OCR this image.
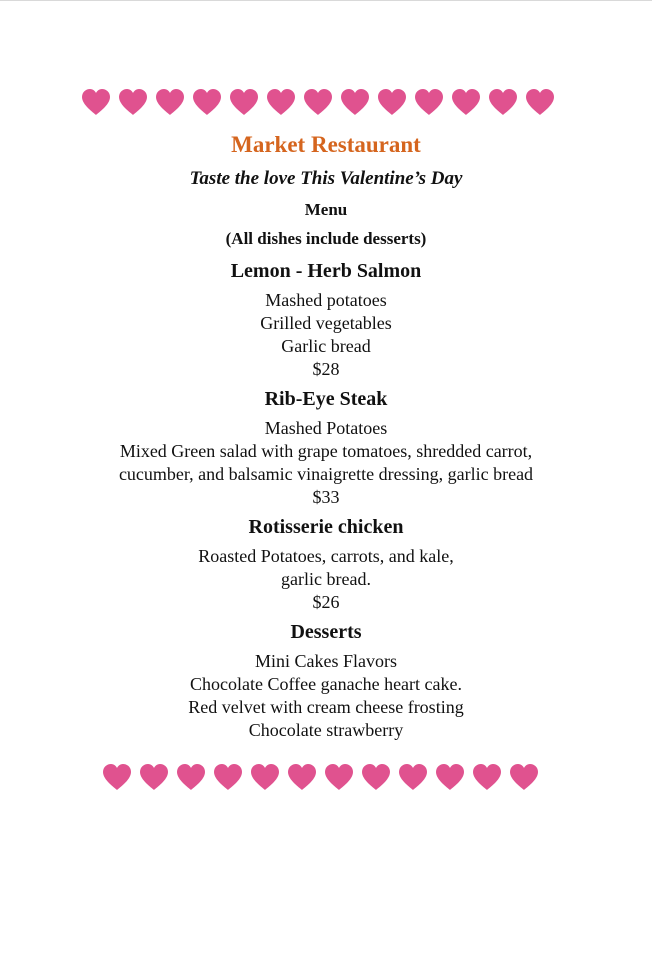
Market Restaurant
Taste the love This Valentine’s Day
Menu
(All dishes include desserts)
Lemon - Herb Salmon
Mashed potatoes
Grilled vegetables
Garlic bread
$28
Rib-Eye Steak
Mashed Potatoes
Mixed Green salad with grape tomatoes, shredded carrot,
cucumber, and balsamic vinaigrette dressing, garlic bread
$33
Rotisserie chicken
Roasted Potatoes, carrots, and kale,
garlic bread.
$26
Desserts
Mini Cakes Flavors
Chocolate Coffee ganache heart cake.
Red velvet with cream cheese frosting
Chocolate strawberry
